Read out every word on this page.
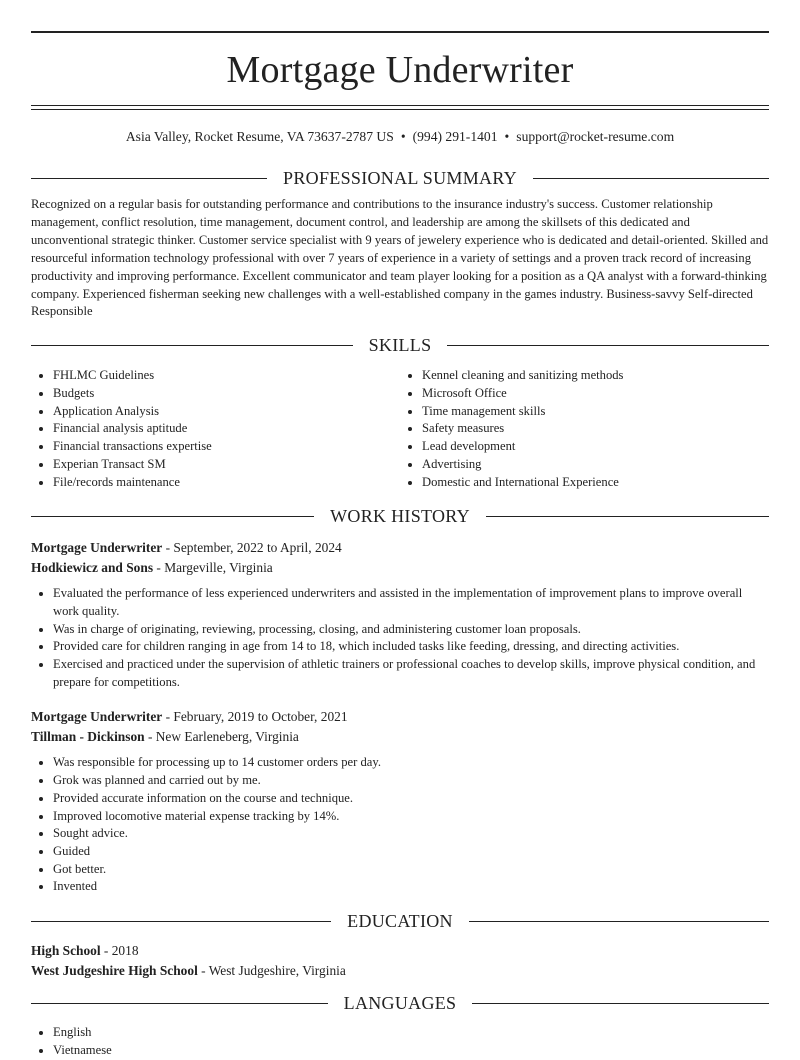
Mortgage Underwriter
Asia Valley, Rocket Resume, VA 73637-2787 US • (994) 291-1401 • support@rocket-resume.com
PROFESSIONAL SUMMARY
Recognized on a regular basis for outstanding performance and contributions to the insurance industry's success. Customer relationship management, conflict resolution, time management, document control, and leadership are among the skillsets of this dedicated and unconventional strategic thinker. Customer service specialist with 9 years of jewelery experience who is dedicated and detail-oriented. Skilled and resourceful information technology professional with over 7 years of experience in a variety of settings and a proven track record of increasing productivity and improving performance. Excellent communicator and team player looking for a position as a QA analyst with a forward-thinking company. Experienced fisherman seeking new challenges with a well-established company in the games industry. Business-savvy Self-directed Responsible
SKILLS
• FHLMC Guidelines
• Budgets
• Application Analysis
• Financial analysis aptitude
• Financial transactions expertise
• Experian Transact SM
• File/records maintenance
• Kennel cleaning and sanitizing methods
• Microsoft Office
• Time management skills
• Safety measures
• Lead development
• Advertising
• Domestic and International Experience
WORK HISTORY
Mortgage Underwriter - September, 2022 to April, 2024
Hodkiewicz and Sons - Margeville, Virginia
• Evaluated the performance of less experienced underwriters and assisted in the implementation of improvement plans to improve overall work quality.
• Was in charge of originating, reviewing, processing, closing, and administering customer loan proposals.
• Provided care for children ranging in age from 14 to 18, which included tasks like feeding, dressing, and directing activities.
• Exercised and practiced under the supervision of athletic trainers or professional coaches to develop skills, improve physical condition, and prepare for competitions.
Mortgage Underwriter - February, 2019 to October, 2021
Tillman - Dickinson - New Earleneberg, Virginia
• Was responsible for processing up to 14 customer orders per day.
• Grok was planned and carried out by me.
• Provided accurate information on the course and technique.
• Improved locomotive material expense tracking by 14%.
• Sought advice.
• Guided
• Got better.
• Invented
EDUCATION
High School - 2018
West Judgeshire High School - West Judgeshire, Virginia
LANGUAGES
• English
• Vietnamese
